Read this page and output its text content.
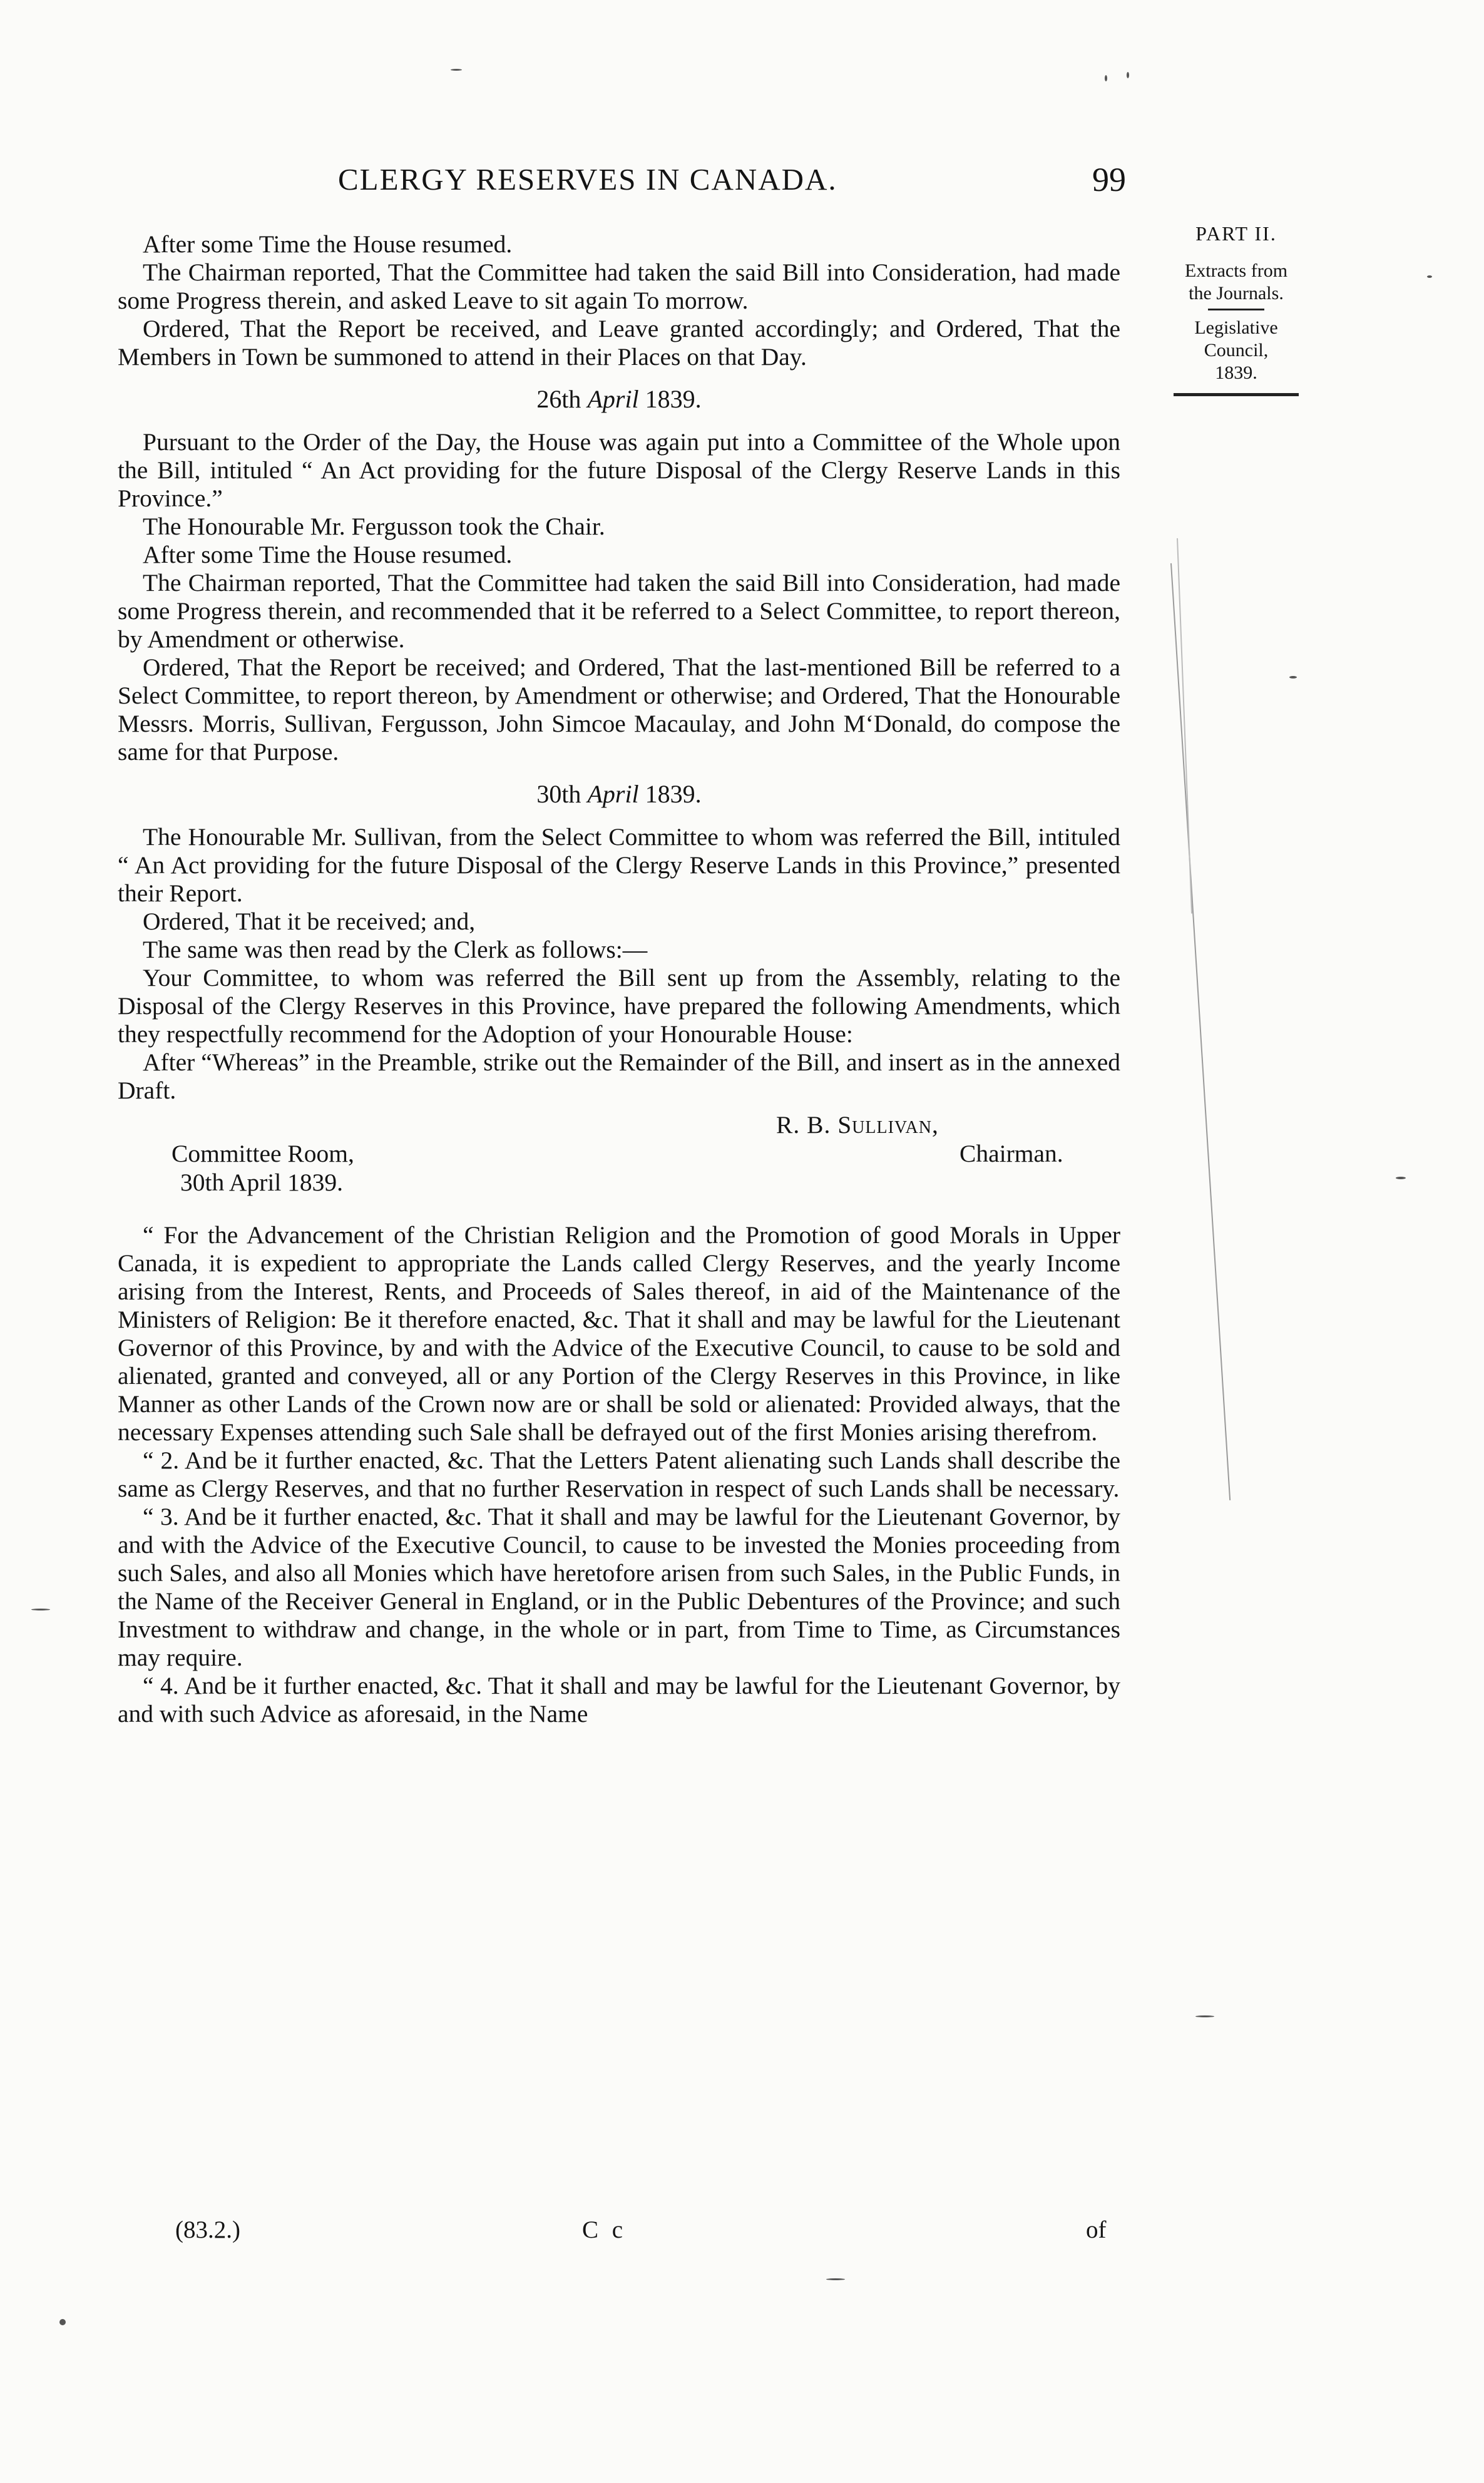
CLERGY RESERVES IN CANADA.	99
PART II.
Extracts from
the Journals.
Legislative
Council,
1839.

After some Time the House resumed.

The Chairman reported, That the Committee had taken the said Bill into Consideration, had made some Progress therein, and asked Leave to sit again To morrow.

Ordered, That the Report be received, and Leave granted accordingly; and Ordered, That the Members in Town be summoned to attend in their Places on that Day.

26th April 1839.

Pursuant to the Order of the Day, the House was again put into a Committee of the Whole upon the Bill, intituled “ An Act providing for the future Disposal of the Clergy Reserve Lands in this Province.”

The Honourable Mr. Fergusson took the Chair.

After some Time the House resumed.

The Chairman reported, That the Committee had taken the said Bill into Consideration, had made some Progress therein, and recommended that it be referred to a Select Committee, to report thereon, by Amendment or otherwise.

Ordered, That the Report be received; and Ordered, That the last-mentioned Bill be referred to a Select Committee, to report thereon, by Amendment or otherwise; and Ordered, That the Honourable Messrs. Morris, Sullivan, Fergusson, John Simcoe Macaulay, and John M‘Donald, do compose the same for that Purpose.

30th April 1839.

The Honourable Mr. Sullivan, from the Select Committee to whom was referred the Bill, intituled “ An Act providing for the future Disposal of the Clergy Reserve Lands in this Province,” presented their Report.

Ordered, That it be received; and,

The same was then read by the Clerk as follows:—

Your Committee, to whom was referred the Bill sent up from the Assembly, relating to the Disposal of the Clergy Reserves in this Province, have prepared the following Amendments, which they respectfully recommend for the Adoption of your Honourable House:

After “Whereas” in the Preamble, strike out the Remainder of the Bill, and insert as in the annexed Draft.

R. B. Sullivan,
Committee Room,	Chairman.
30th April 1839.

“ For the Advancement of the Christian Religion and the Promotion of good Morals in Upper Canada, it is expedient to appropriate the Lands called Clergy Reserves, and the yearly Income arising from the Interest, Rents, and Proceeds of Sales thereof, in aid of the Maintenance of the Ministers of Religion: Be it therefore enacted, &c. That it shall and may be lawful for the Lieutenant Governor of this Province, by and with the Advice of the Executive Council, to cause to be sold and alienated, granted and conveyed, all or any Portion of the Clergy Reserves in this Province, in like Manner as other Lands of the Crown now are or shall be sold or alienated: Provided always, that the necessary Expenses attending such Sale shall be defrayed out of the first Monies arising therefrom.

“ 2. And be it further enacted, &c. That the Letters Patent alienating such Lands shall describe the same as Clergy Reserves, and that no further Reservation in respect of such Lands shall be necessary.

“ 3. And be it further enacted, &c. That it shall and may be lawful for the Lieutenant Governor, by and with the Advice of the Executive Council, to cause to be invested the Monies proceeding from such Sales, and also all Monies which have heretofore arisen from such Sales, in the Public Funds, in the Name of the Receiver General in England, or in the Public Debentures of the Province; and such Investment to withdraw and change, in the whole or in part, from Time to Time, as Circumstances may require.

“ 4. And be it further enacted, &c. That it shall and may be lawful for the Lieutenant Governor, by and with such Advice as aforesaid, in the Name

(83.2.)	C c	of
